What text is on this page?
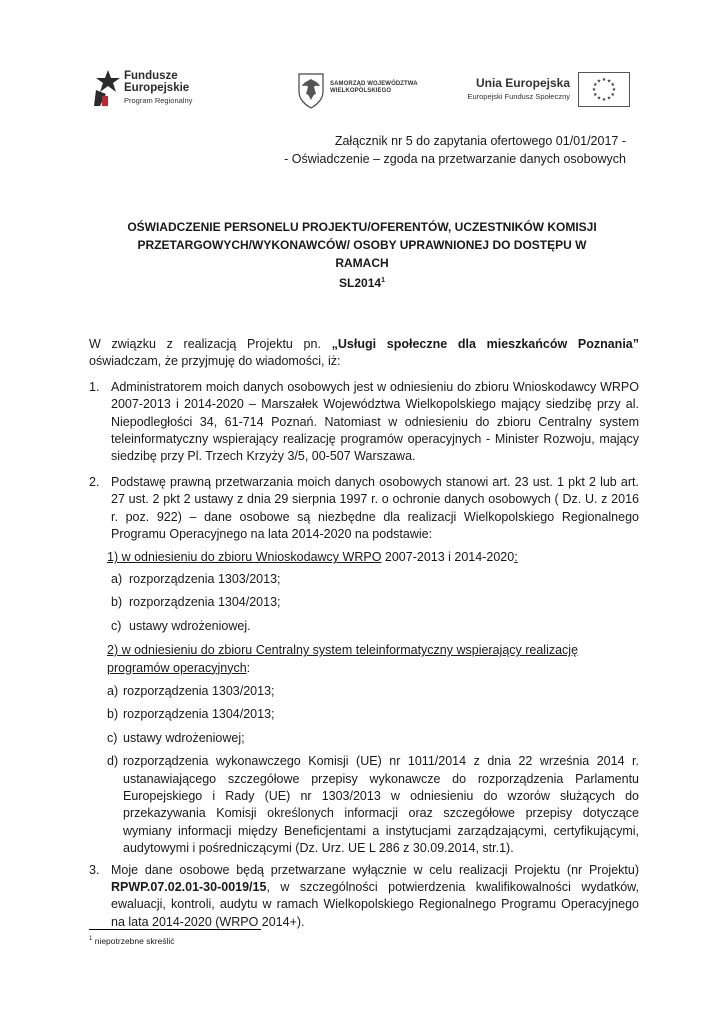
Fundusze
Europejskie
Program Regionalny
SAMORZĄD WOJEWÓDZTWA
WIELKOPOLSKIEGO
Unia Europejska
Europejski Fundusz Społeczny
★ ★
★
★
★
★
★
★
★
★
★
★
Załącznik nr 5 do zapytania ofertowego 01/01/2017 -
- Oświadczenie – zgoda na przetwarzanie danych osobowych
OŚWIADCZENIE PERSONELU PROJEKTU/OFERENTÓW, UCZESTNIKÓW KOMISJI
PRZETARGOWYCH/WYKONAWCÓW/ OSOBY UPRAWNIONEJ DO DOSTĘPU W RAMACH
SL2014$^1$

W związku z realizacją Projektu pn. „Usługi społeczne dla mieszkańców Poznania” oświadczam, że przyjmuję do wiadomości, iż:

1. Administratorem moich danych osobowych jest w odniesieniu do zbioru Wnioskodawcy WRPO 2007-2013 i 2014-2020 – Marszałek Województwa Wielkopolskiego mający siedzibę przy al. Niepodległości 34, 61-714 Poznań. Natomiast w odniesieniu do zbioru Centralny system teleinformatyczny wspierający realizację programów operacyjnych - Minister Rozwoju, mający siedzibę przy Pl. Trzech Krzyży 3/5, 00-507 Warszawa.
2. Podstawę prawną przetwarzania moich danych osobowych stanowi art. 23 ust. 1 pkt 2 lub art. 27 ust. 2 pkt 2 ustawy z dnia 29 sierpnia 1997 r. o ochronie danych osobowych ( Dz. U. z 2016 r. poz. 922) – dane osobowe są niezbędne dla realizacji Wielkopolskiego Regionalnego Programu Operacyjnego na lata 2014-2020 na podstawie:

1) w odniesieniu do zbioru Wnioskodawcy WRPO 2007-2013 i 2014-2020:

a) rozporządzenia 1303/2013;
b) rozporządzenia 1304/2013;
c) ustawy wdrożeniowej.

2) w odniesieniu do zbioru Centralny system teleinformatyczny wspierający realizację programów operacyjnych:

a) rozporządzenia 1303/2013;
b) rozporządzenia 1304/2013;
c) ustawy wdrożeniowej;
d) rozporządzenia wykonawczego Komisji (UE) nr 1011/2014 z dnia 22 września 2014 r. ustanawiającego szczegółowe przepisy wykonawcze do rozporządzenia Parlamentu Europejskiego i Rady (UE) nr 1303/2013 w odniesieniu do wzorów służących do przekazywania Komisji określonych informacji oraz szczegółowe przepisy dotyczące wymiany informacji między Beneficjentami a instytucjami zarządzającymi, certyfikującymi, audytowymi i pośredniczącymi (Dz. Urz. UE L 286 z 30.09.2014, str.1).
3. Moje dane osobowe będą przetwarzane wyłącznie w celu realizacji Projektu (nr Projektu) RPWP.07.02.01-30-0019/15, w szczególności potwierdzenia kwalifikowalności wydatków, ewaluacji, kontroli, audytu w ramach Wielkopolskiego Regionalnego Programu Operacyjnego na lata 2014-2020 (WRPO 2014+).
$^1$ niepotrzebne skreślić
